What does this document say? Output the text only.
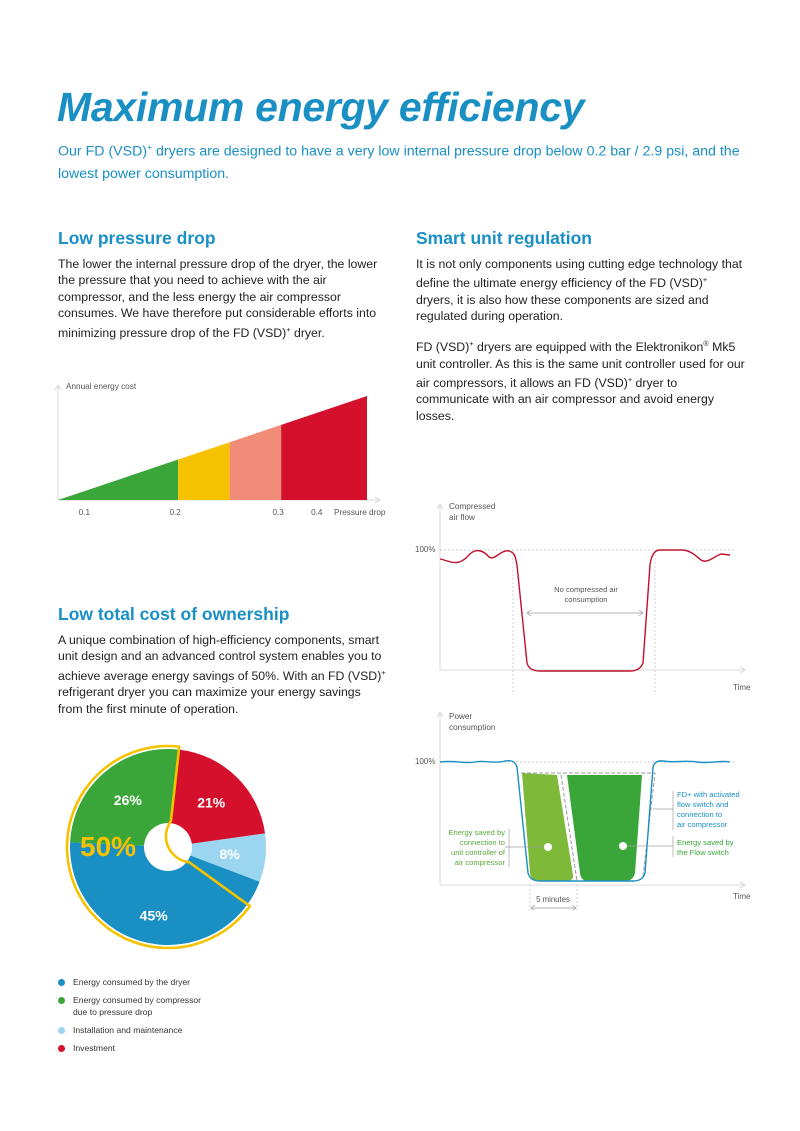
Maximum energy efficiency

Our FD (VSD)+ dryers are designed to have a very low internal pressure drop below 0.2 bar / 2.9 psi, and the lowest power consumption.

Low pressure drop

The lower the internal pressure drop of the dryer, the lower the pressure that you need to achieve with the air compressor, and the less energy the air compressor consumes. We have therefore put considerable efforts into minimizing pressure drop of the FD (VSD)+ dryer.

Smart unit regulation

It is not only components using cutting edge technology that define the ultimate energy efficiency of the FD (VSD)+ dryers, it is also how these components are sized and regulated during operation.

FD (VSD)+ dryers are equipped with the Elektronikon® Mk5 unit controller. As this is the same unit controller used for our air compressors, it allows an FD (VSD)+ dryer to communicate with an air compressor and avoid energy losses.

Annual energy cost
0.1	0.2	0.3	0.4 Pressure drop
Low total cost of ownership

A unique combination of high-efficiency components, smart unit design and an advanced control system enables you to achieve average energy savings of 50%. With an FD (VSD)+ refrigerant dryer you can maximize your energy savings from the first minute of operation.

8%
45%
26%	21%
50%
Energy consumed by the dryer
Energy consumed by compressor due to pressure drop
Installation and maintenance
Investment
Compressed
air flow
100%
No compressed air
consumption
Time
Power
consumption
100%
Energy saved by
connection to
unit controller of
air compressor
FD+ with activated
flow switch and
connection to
air compressor
Energy saved by
the Flow switch
5 minutes	Time
